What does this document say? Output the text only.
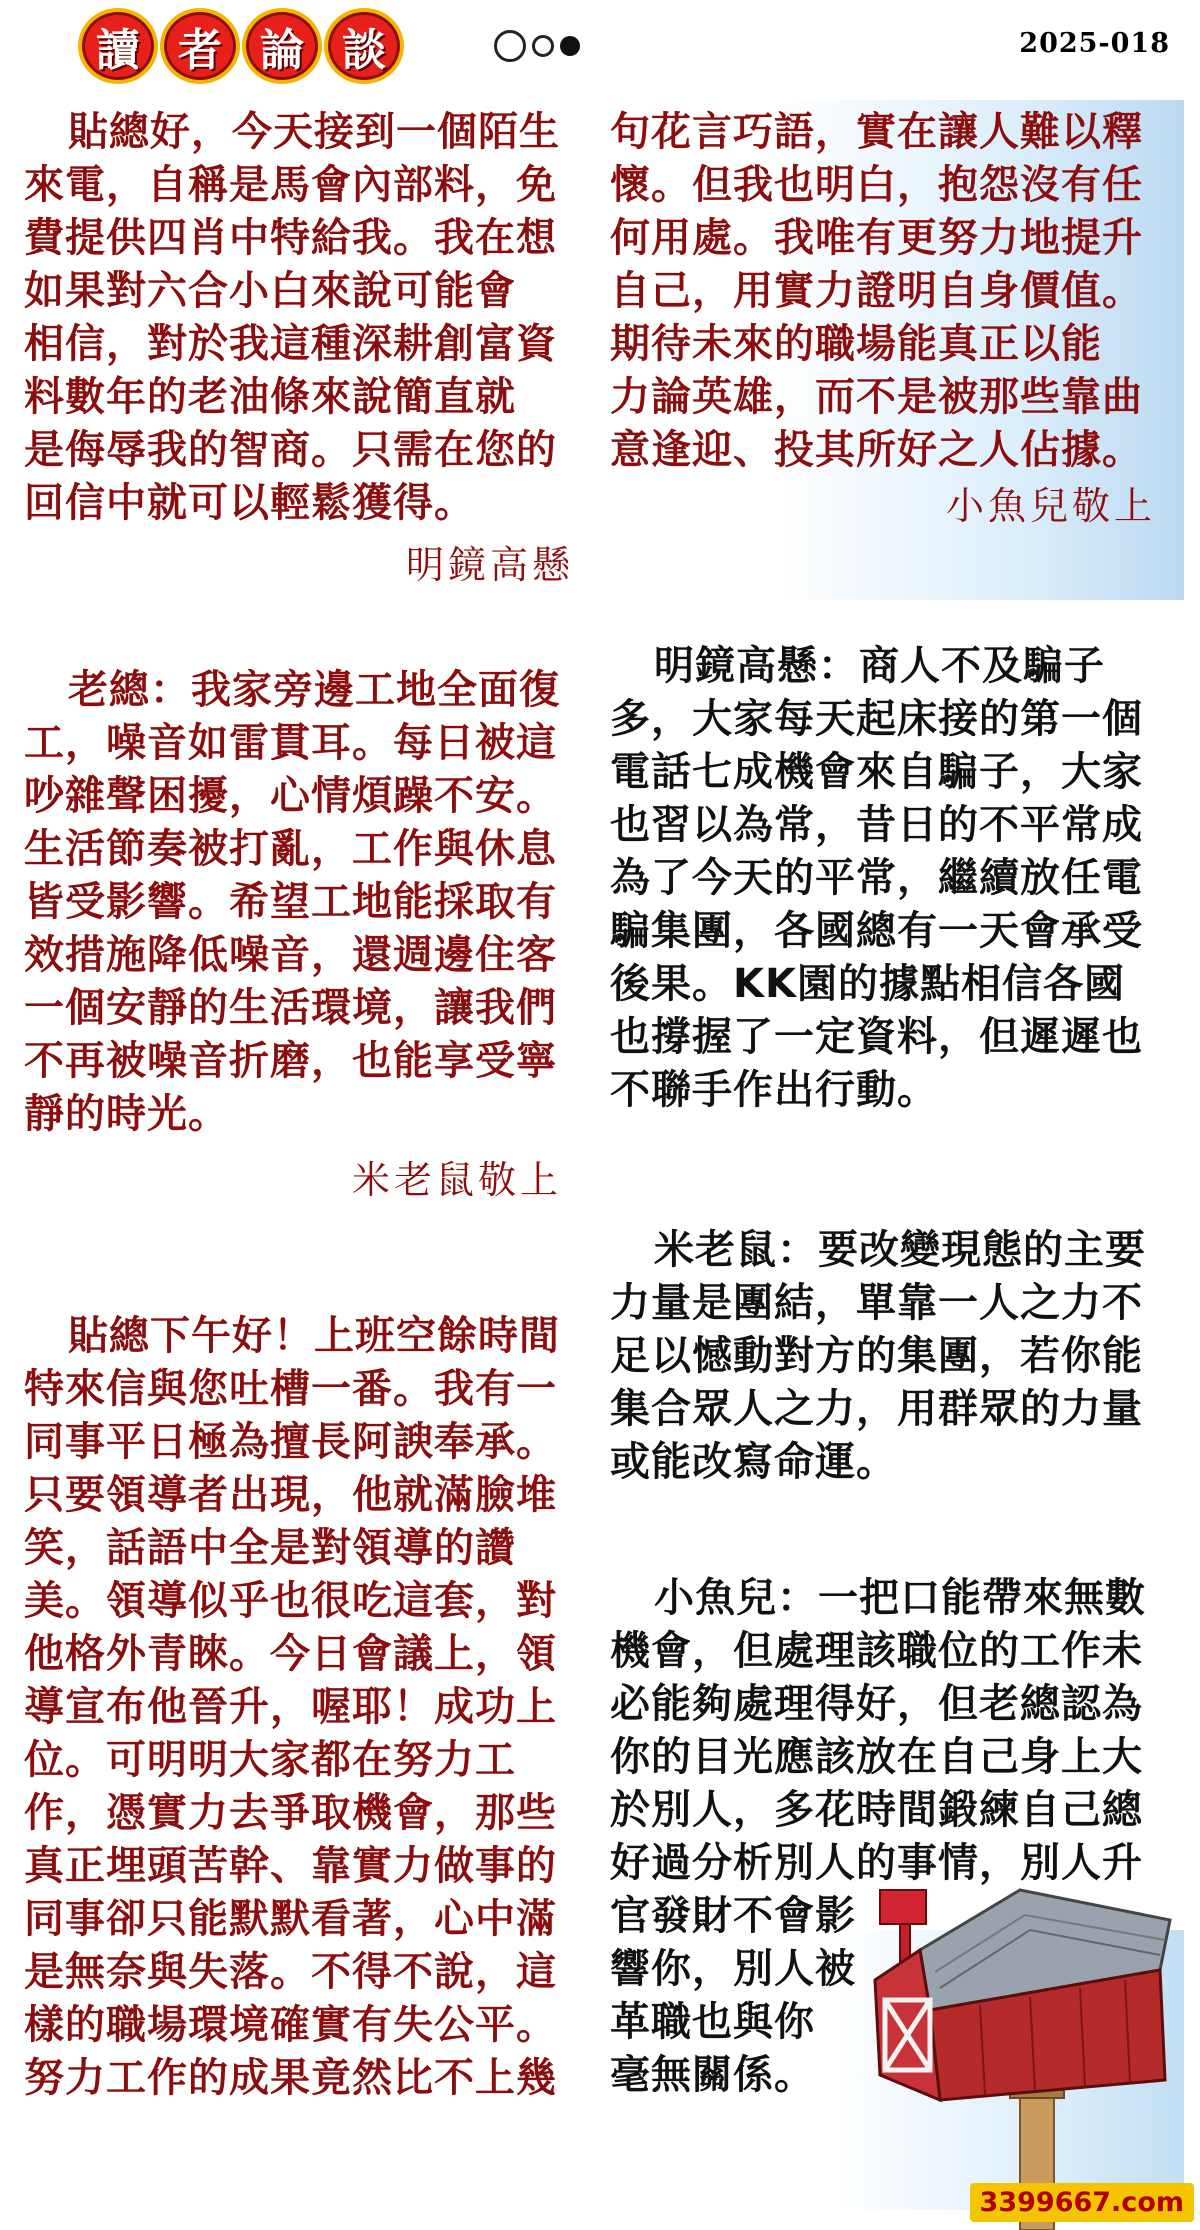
讀 者 論 談	2025-018

貼總好，今天接到一個陌生
來電，自稱是馬會內部料，免
費提供四肖中特給我。我在想
如果對六合小白來說可能會
相信，對於我這種深耕創富資
料數年的老油條來說簡直就
是侮辱我的智商。只需在您的
回信中就可以輕鬆獲得。

明鏡高懸

老總：我家旁邊工地全面復
工，噪音如雷貫耳。每日被這
吵雜聲困擾，心情煩躁不安。
生活節奏被打亂，工作與休息
皆受影響。希望工地能採取有
效措施降低噪音，還週邊住客
一個安靜的生活環境，讓我們
不再被噪音折磨，也能享受寧
靜的時光。

米老鼠敬上

貼總下午好！上班空餘時間
特來信與您吐槽一番。我有一
同事平日極為擅長阿諛奉承。
只要領導者出現，他就滿臉堆
笑，話語中全是對領導的讚
美。領導似乎也很吃這套，對
他格外青睞。今日會議上，領
導宣布他晉升，喔耶！成功上
位。可明明大家都在努力工
作，憑實力去爭取機會，那些
真正埋頭苦幹、靠實力做事的
同事卻只能默默看著，心中滿
是無奈與失落。不得不說，這
樣的職場環境確實有失公平。
努力工作的成果竟然比不上幾

句花言巧語，實在讓人難以釋
懷。但我也明白，抱怨沒有任
何用處。我唯有更努力地提升
自己，用實力證明自身價值。
期待未來的職場能真正以能
力論英雄，而不是被那些靠曲
意逢迎、投其所好之人佔據。

小魚兒敬上

明鏡高懸：商人不及騙子
多，大家每天起床接的第一個
電話七成機會來自騙子，大家
也習以為常，昔日的不平常成
為了今天的平常，繼續放任電
騙集團，各國總有一天會承受
後果。KK園的據點相信各國
也撐握了一定資料，但遲遲也
不聯手作出行動。

米老鼠：要改變現態的主要
力量是團結，單靠一人之力不
足以憾動對方的集團，若你能
集合眾人之力，用群眾的力量
或能改寫命運。

小魚兒：一把口能帶來無數
機會，但處理該職位的工作未
必能夠處理得好，但老總認為
你的目光應該放在自己身上大
於別人，多花時間鍛練自己總
好過分析別人的事情，別人升
官發財不會影
響你，別人被
革職也與你
毫無關係。

3399667.com
